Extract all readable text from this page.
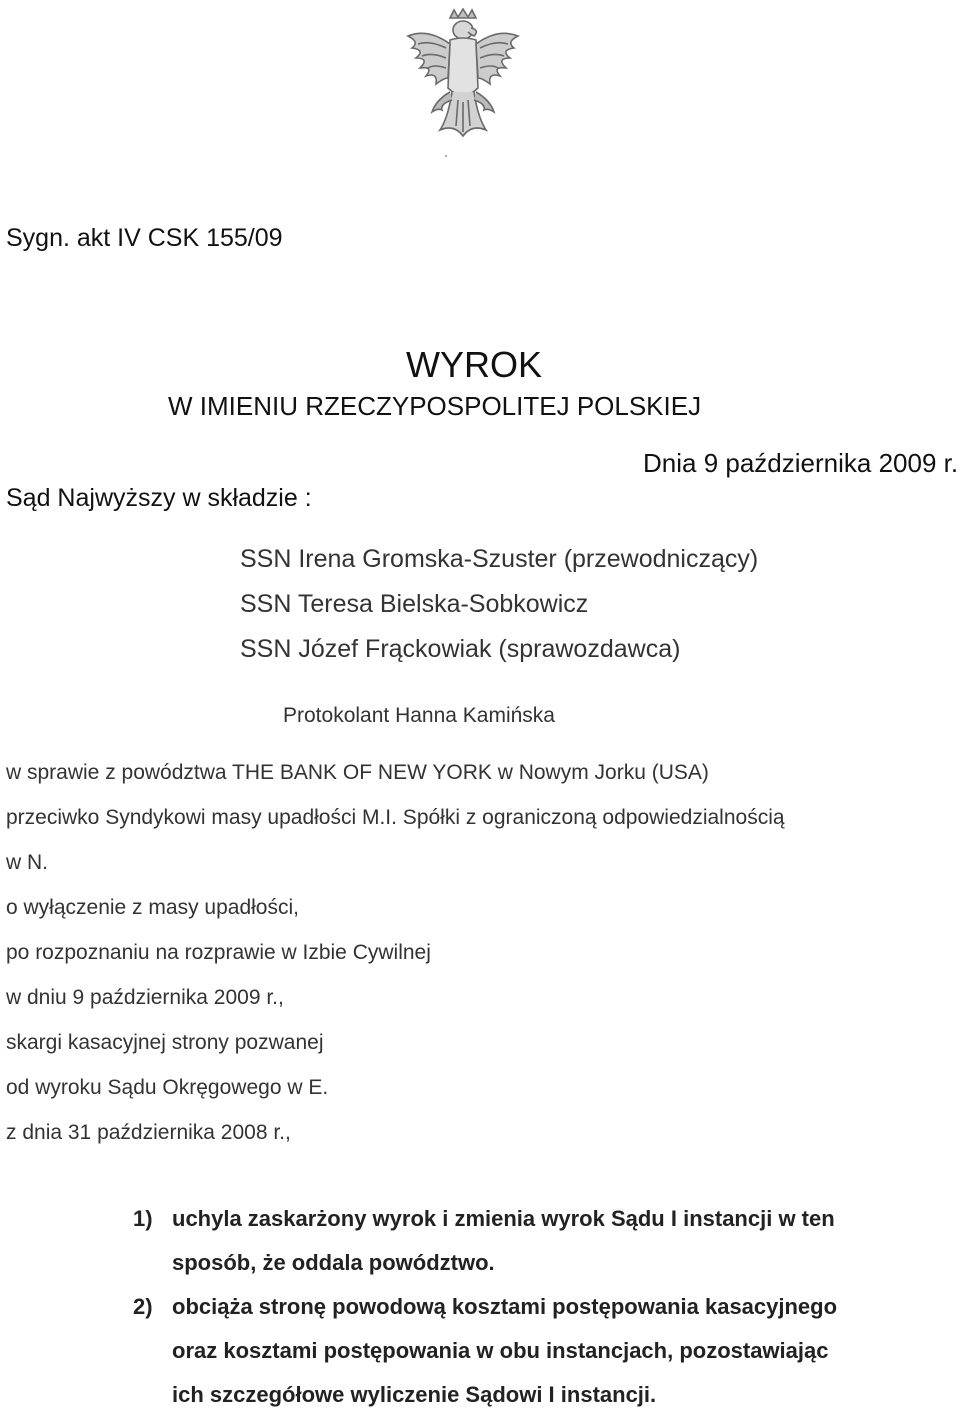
Sygn. akt IV CSK 155/09
WYROK
W IMIENIU RZECZYPOSPOLITEJ POLSKIEJ
Dnia 9 października 2009 r.
Sąd Najwyższy w składzie :
SSN Irena Gromska-Szuster (przewodniczący)
SSN Teresa Bielska-Sobkowicz
SSN Józef Frąckowiak (sprawozdawca)
Protokolant Hanna Kamińska
w sprawie z powództwa THE BANK OF NEW YORK w Nowym Jorku (USA)
przeciwko Syndykowi masy upadłości M.I. Spółki z ograniczoną odpowiedzialnością
w N.
o wyłączenie z masy upadłości,
po rozpoznaniu na rozprawie w Izbie Cywilnej
w dniu 9 października 2009 r.,
skargi kasacyjnej strony pozwanej
od wyroku Sądu Okręgowego w E.
z dnia 31 października 2008 r.,
1) uchyla zaskarżony wyrok i zmienia wyrok Sądu I instancji w ten
sposób, że oddala powództwo.
2) obciąża stronę powodową kosztami postępowania kasacyjnego
oraz kosztami postępowania w obu instancjach, pozostawiając
ich szczegółowe wyliczenie Sądowi I instancji.
